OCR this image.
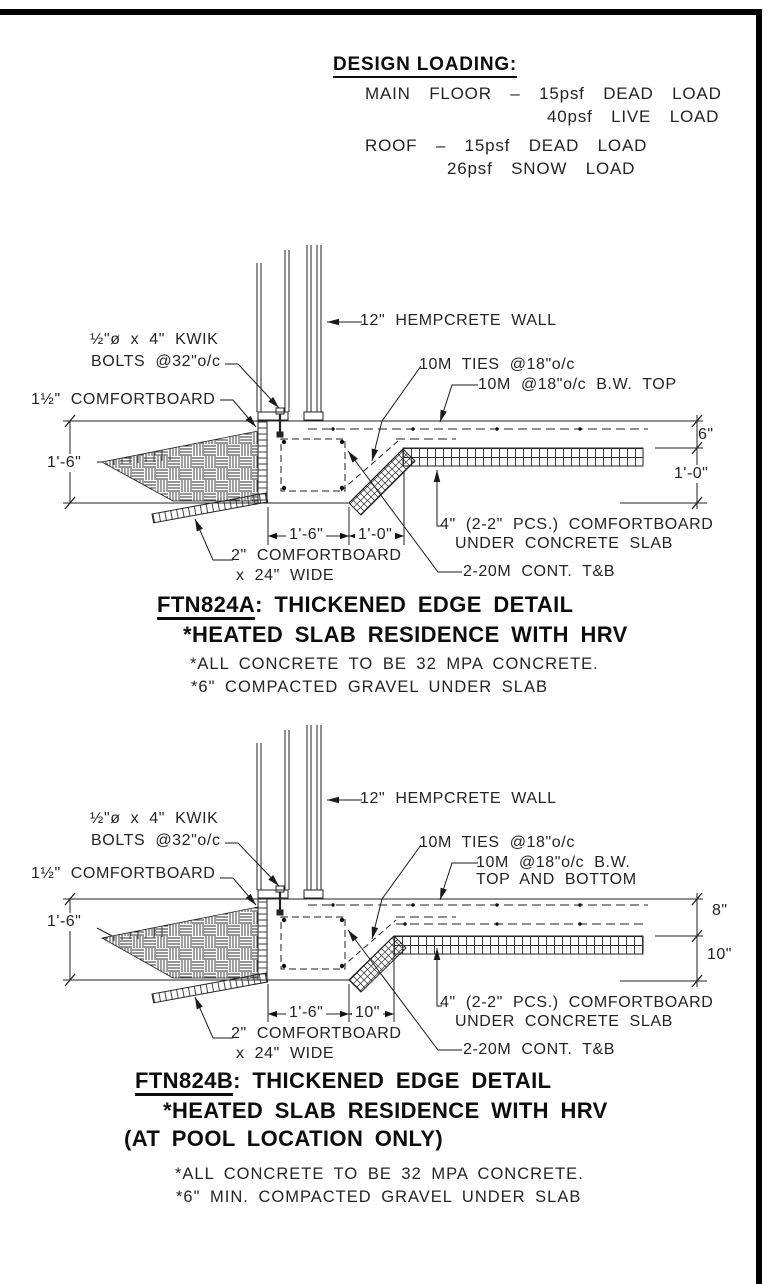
DESIGN LOADING:
MAIN FLOOR – 15psf DEAD LOAD
40psf LIVE LOAD
ROOF – 15psf DEAD LOAD
26psf SNOW LOAD
½"ø x 4" KWIK
BOLTS @32"o/c
1½" COMFORTBOARD
12" HEMPCRETE WALL
10M TIES @18"o/c
10M @18"o/c B.W. TOP
1'-6"
6"
1'-0"
4" (2-2" PCS.) COMFORTBOARD
UNDER CONCRETE SLAB
2-20M CONT. T&B
2" COMFORTBOARD
x 24" WIDE
1'-6" 1'-0"
FTN824A: THICKENED EDGE DETAIL
*HEATED SLAB RESIDENCE WITH HRV
*ALL CONCRETE TO BE 32 MPA CONCRETE.
*6" COMPACTED GRAVEL UNDER SLAB
½"ø x 4" KWIK
BOLTS @32"o/c
1½" COMFORTBOARD
12" HEMPCRETE WALL
10M TIES @18"o/c
10M @18"o/c B.W.
TOP AND BOTTOM
1'-6"
8"
10"
4" (2-2" PCS.) COMFORTBOARD
UNDER CONCRETE SLAB
2-20M CONT. T&B
2" COMFORTBOARD
x 24" WIDE
1'-6" 10"
FTN824B: THICKENED EDGE DETAIL
*HEATED SLAB RESIDENCE WITH HRV
(AT POOL LOCATION ONLY)
*ALL CONCRETE TO BE 32 MPA CONCRETE.
*6" MIN. COMPACTED GRAVEL UNDER SLAB
